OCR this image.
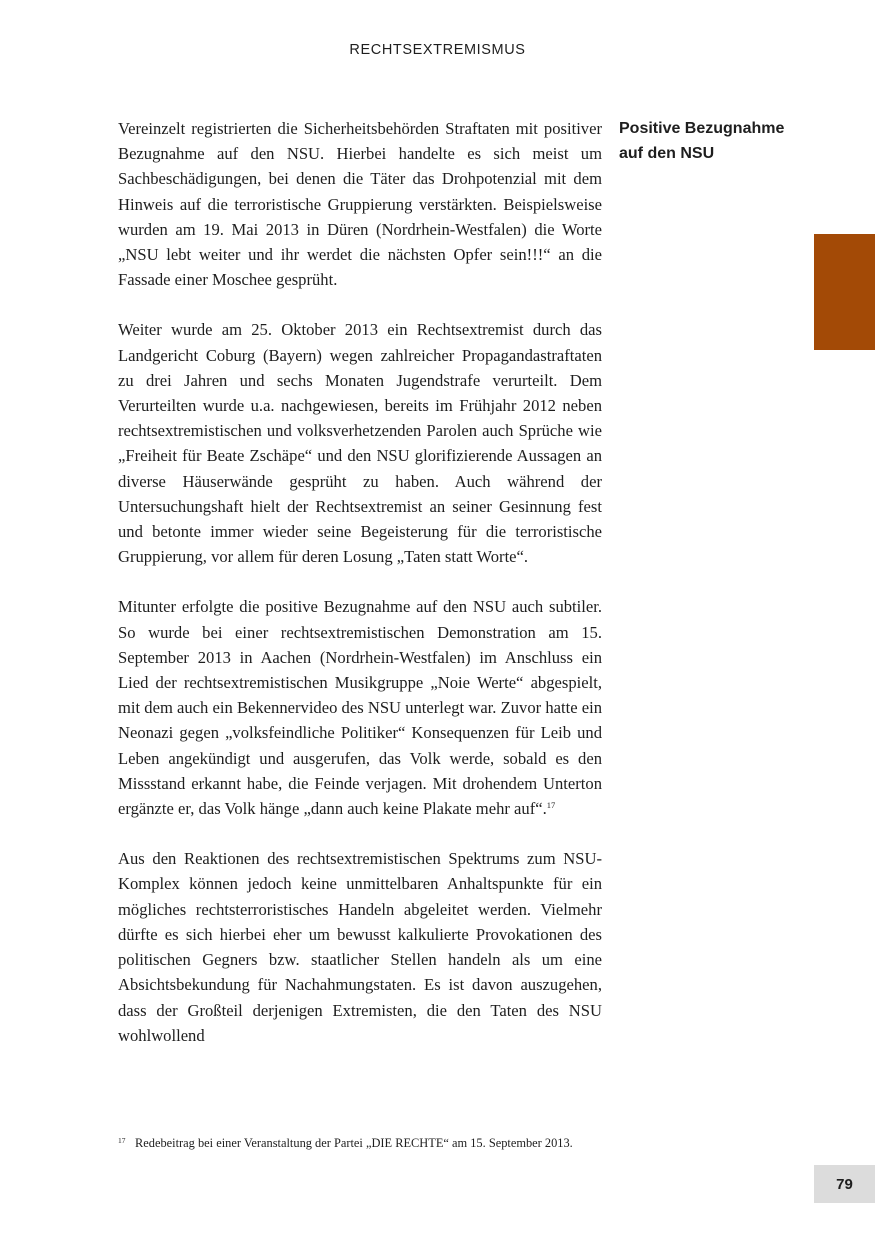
RECHTSEXTREMISMUS

Vereinzelt registrierten die Sicherheitsbehörden Straftaten mit positiver Bezugnahme auf den NSU. Hierbei handelte es sich meist um Sachbeschädigungen, bei denen die Täter das Drohpotenzial mit dem Hinweis auf die terroristische Gruppierung verstärkten. Beispielsweise wurden am 19. Mai 2013 in Düren (Nordrhein-Westfalen) die Worte „NSU lebt weiter und ihr werdet die nächsten Opfer sein!!!“ an die Fassade einer Moschee gesprüht.

Weiter wurde am 25. Oktober 2013 ein Rechtsextremist durch das Landgericht Coburg (Bayern) wegen zahlreicher Propagandastraftaten zu drei Jahren und sechs Monaten Jugendstrafe verurteilt. Dem Verurteilten wurde u.a. nachgewiesen, bereits im Frühjahr 2012 neben rechtsextremistischen und volksverhetzenden Parolen auch Sprüche wie „Freiheit für Beate Zschäpe“ und den NSU glorifizierende Aussagen an diverse Häuserwände gesprüht zu haben. Auch während der Untersuchungshaft hielt der Rechtsextremist an seiner Gesinnung fest und betonte immer wieder seine Begeisterung für die terroristische Gruppierung, vor allem für deren Losung „Taten statt Worte“.

Mitunter erfolgte die positive Bezugnahme auf den NSU auch subtiler. So wurde bei einer rechtsextremistischen Demonstration am 15. September 2013 in Aachen (Nordrhein-Westfalen) im Anschluss ein Lied der rechtsextremistischen Musikgruppe „Noie Werte“ abgespielt, mit dem auch ein Bekennervideo des NSU unterlegt war. Zuvor hatte ein Neonazi gegen „volksfeindliche Politiker“ Konsequenzen für Leib und Leben angekündigt und ausgerufen, das Volk werde, sobald es den Missstand erkannt habe, die Feinde verjagen. Mit drohendem Unterton ergänzte er, das Volk hänge „dann auch keine Plakate mehr auf“.$^{17}$

Aus den Reaktionen des rechtsextremistischen Spektrums zum NSU-Komplex können jedoch keine unmittelbaren Anhaltspunkte für ein mögliches rechtsterroristisches Handeln abgeleitet werden. Vielmehr dürfte es sich hierbei eher um bewusst kalkulierte Provokationen des politischen Gegners bzw. staatlicher Stellen handeln als um eine Absichtsbekundung für Nachahmungstaten. Es ist davon auszugehen, dass der Großteil derjenigen Extremisten, die den Taten des NSU wohlwollend

Positive Bezugnahme
auf den NSU
17 Redebeitrag bei einer Veranstaltung der Partei „DIE RECHTE“ am 15. September 2013.
79
